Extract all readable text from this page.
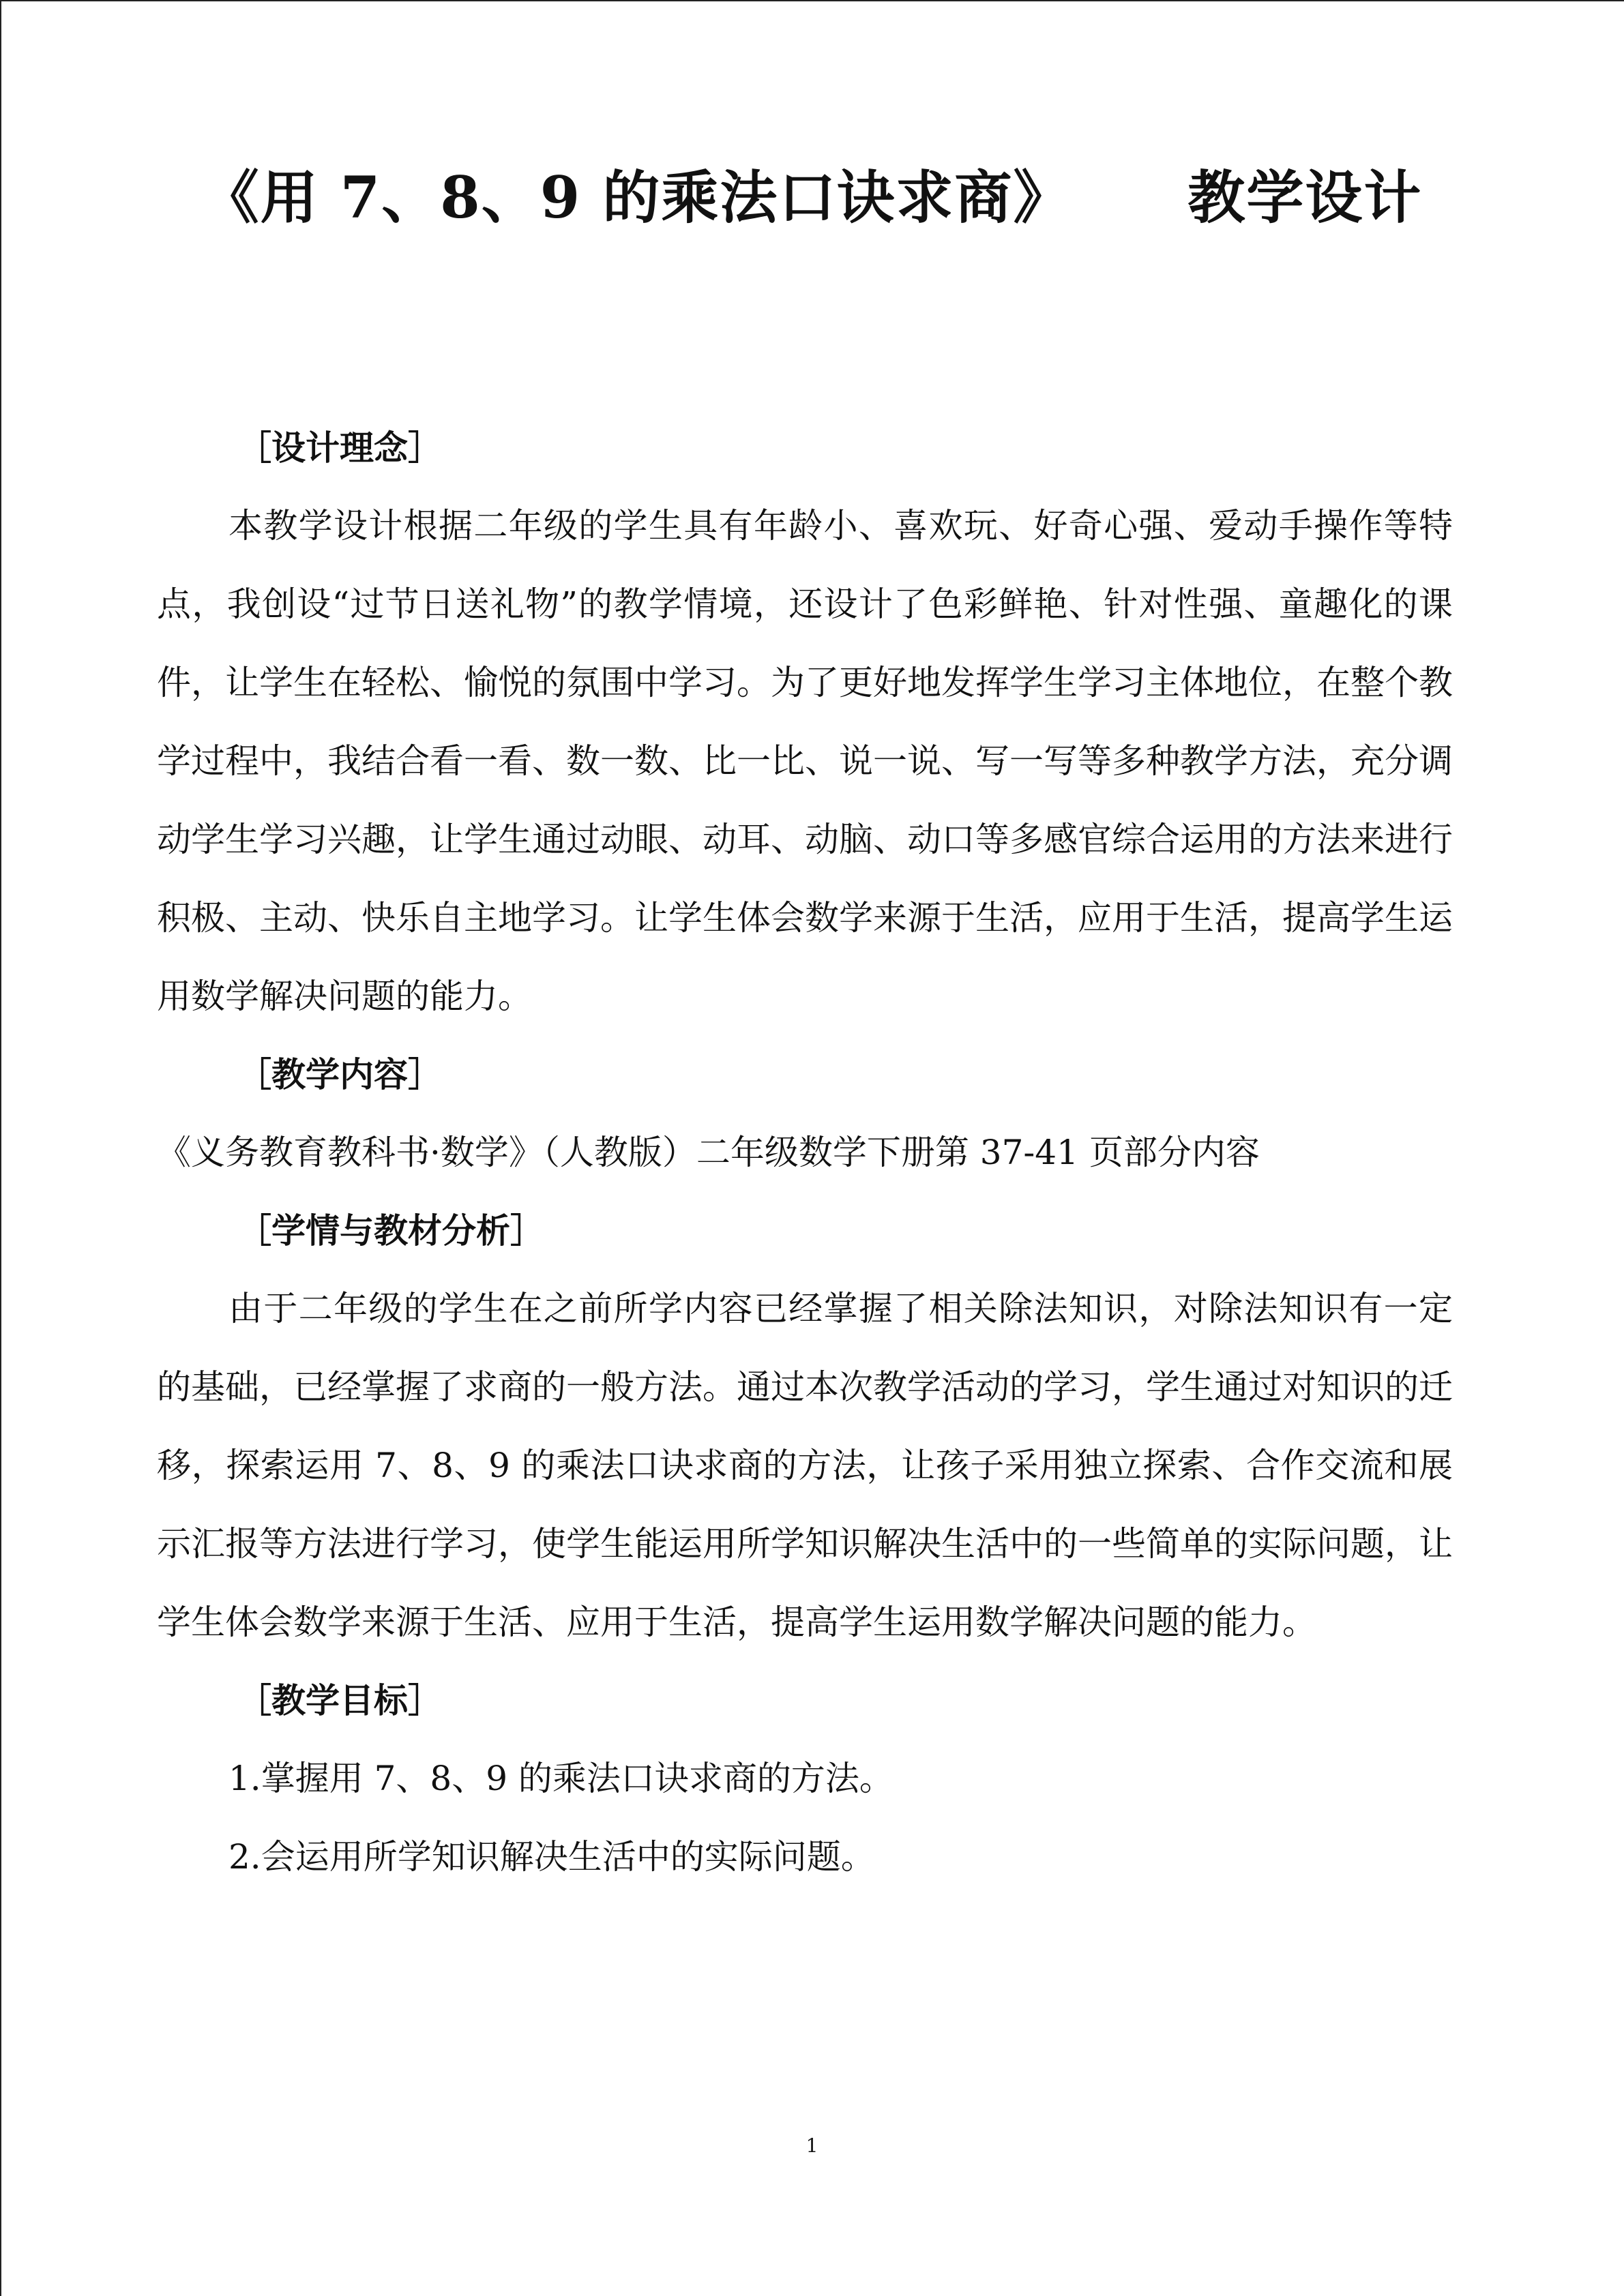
《用 7、8、9 的乘法口诀求商》 教学设计
［设计理念］
本教学设计根据二年级的学生具有年龄小、喜欢玩、好奇心强、爱动手操作等特点，我创设“过节日送礼物”的教学情境，还设计了色彩鲜艳、针对性强、童趣化的课件，让学生在轻松、愉悦的氛围中学习。为了更好地发挥学生学习主体地位，在整个教学过程中，我结合看一看、数一数、比一比、说一说、写一写等多种教学方法，充分调动学生学习兴趣，让学生通过动眼、动耳、动脑、动口等多感官综合运用的方法来进行积极、主动、快乐自主地学习。让学生体会数学来源于生活，应用于生活，提高学生运用数学解决问题的能力。
［教学内容］
《义务教育教科书·数学》（人教版）二年级数学下册第 37-41 页部分内容
［学情与教材分析］
由于二年级的学生在之前所学内容已经掌握了相关除法知识，对除法知识有一定的基础，已经掌握了求商的一般方法。通过本次教学活动的学习，学生通过对知识的迁移，探索运用 7、8、9 的乘法口诀求商的方法，让孩子采用独立探索、合作交流和展示汇报等方法进行学习，使学生能运用所学知识解决生活中的一些简单的实际问题，让学生体会数学来源于生活、应用于生活，提高学生运用数学解决问题的能力。
［教学目标］
1.掌握用 7、8、9 的乘法口诀求商的方法。
2.会运用所学知识解决生活中的实际问题。
1
